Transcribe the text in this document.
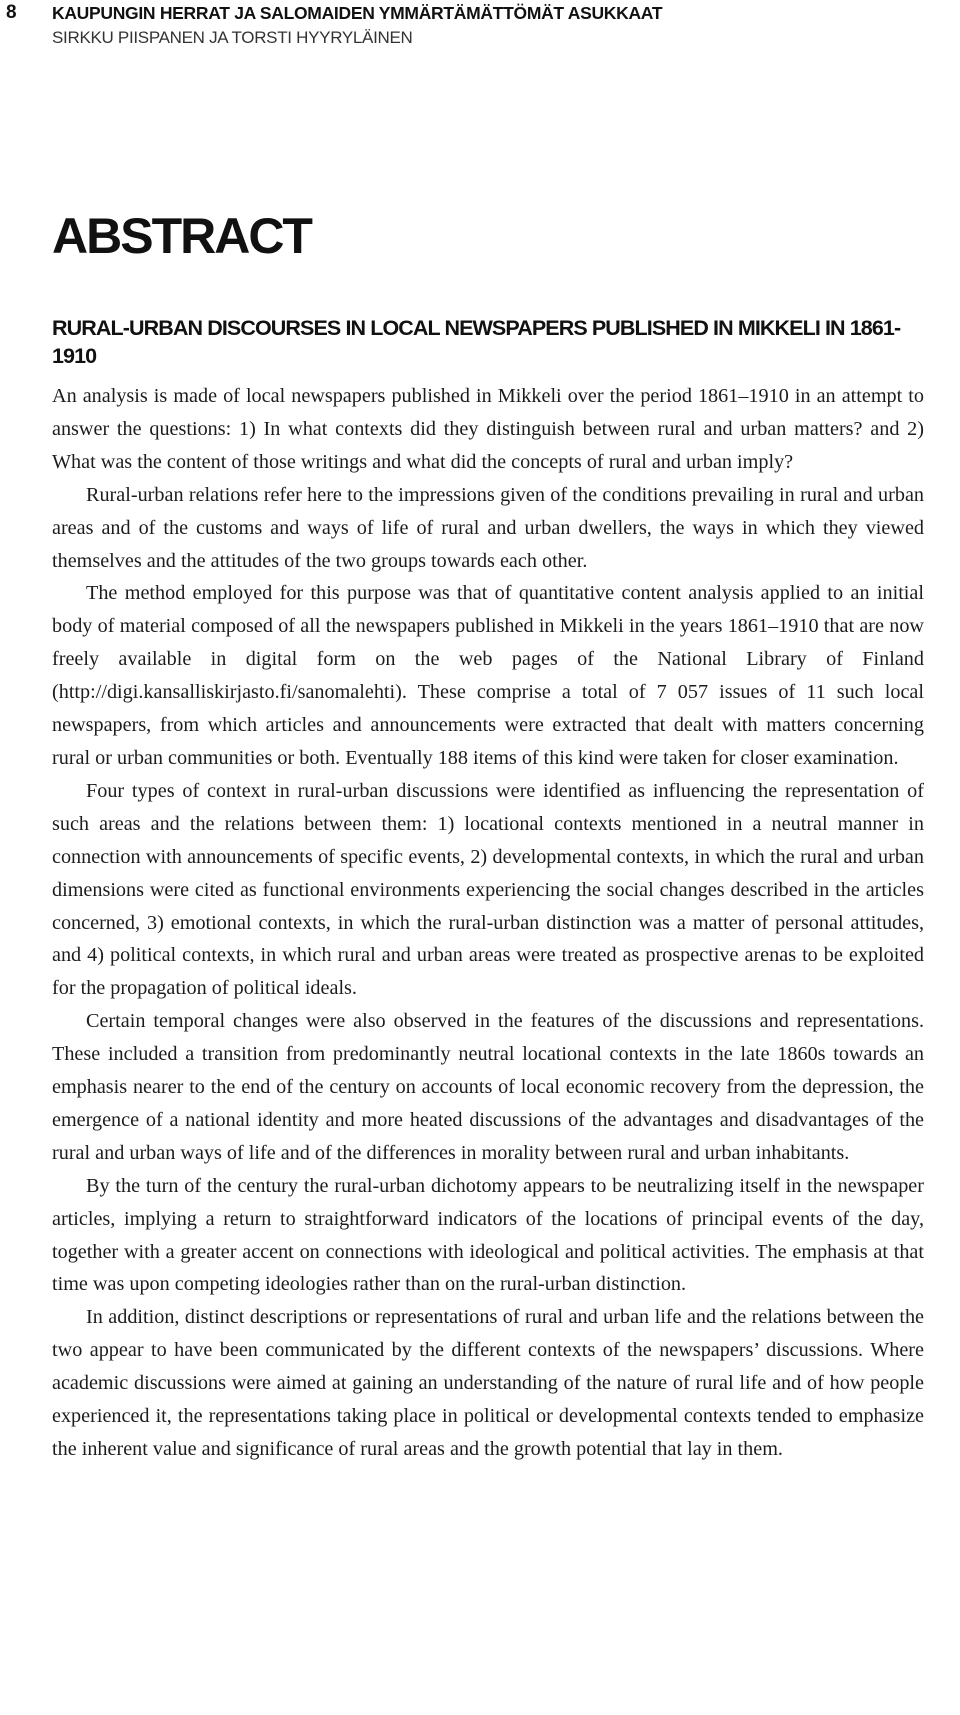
8 KAUPUNGIN HERRAT JA SALOMAIDEN YMMÄRTÄMÄTTÖMÄT ASUKKAAT
SIRKKU PIISPANEN JA TORSTI HYYRYLÄINEN
ABSTRACT
RURAL-URBAN DISCOURSES IN LOCAL NEWSPAPERS PUBLISHED IN MIKKELI IN 1861-1910

An analysis is made of local newspapers published in Mikkeli over the period 1861–1910 in an attempt to answer the questions: 1) In what contexts did they distinguish between rural and urban matters? and 2) What was the content of those writings and what did the concepts of rural and urban imply?

Rural-urban relations refer here to the impressions given of the conditions prevailing in rural and urban areas and of the customs and ways of life of rural and urban dwellers, the ways in which they viewed themselves and the attitudes of the two groups towards each other.

The method employed for this purpose was that of quantitative content analysis applied to an initial body of material composed of all the newspapers published in Mikkeli in the years 1861–1910 that are now freely available in digital form on the web pages of the National Library of Finland (http://digi.kansalliskirjasto.fi/sanomalehti). These comprise a total of 7 057 issues of 11 such local newspapers, from which articles and announcements were extracted that dealt with matters concerning rural or urban communities or both. Eventually 188 items of this kind were taken for closer examination.

Four types of context in rural-urban discussions were identified as influencing the representation of such areas and the relations between them: 1) locational contexts mentioned in a neutral manner in connection with announcements of specific events, 2) developmental contexts, in which the rural and urban dimensions were cited as functional environments experiencing the social changes described in the articles concerned, 3) emotional contexts, in which the rural-urban distinction was a matter of personal attitudes, and 4) political contexts, in which rural and urban areas were treated as prospective arenas to be exploited for the propagation of political ideals.

Certain temporal changes were also observed in the features of the discussions and representations. These included a transition from predominantly neutral locational contexts in the late 1860s towards an emphasis nearer to the end of the century on accounts of local economic recovery from the depression, the emergence of a national identity and more heated discussions of the advantages and disadvantages of the rural and urban ways of life and of the differences in morality between rural and urban inhabitants.

By the turn of the century the rural-urban dichotomy appears to be neutralizing itself in the newspaper articles, implying a return to straightforward indicators of the locations of principal events of the day, together with a greater accent on connections with ideological and political activities. The emphasis at that time was upon competing ideologies rather than on the rural-urban distinction.

In addition, distinct descriptions or representations of rural and urban life and the relations between the two appear to have been communicated by the different contexts of the newspapers’ discussions. Where academic discussions were aimed at gaining an understanding of the nature of rural life and of how people experienced it, the representations taking place in political or developmental contexts tended to emphasize the inherent value and significance of rural areas and the growth potential that lay in them.
